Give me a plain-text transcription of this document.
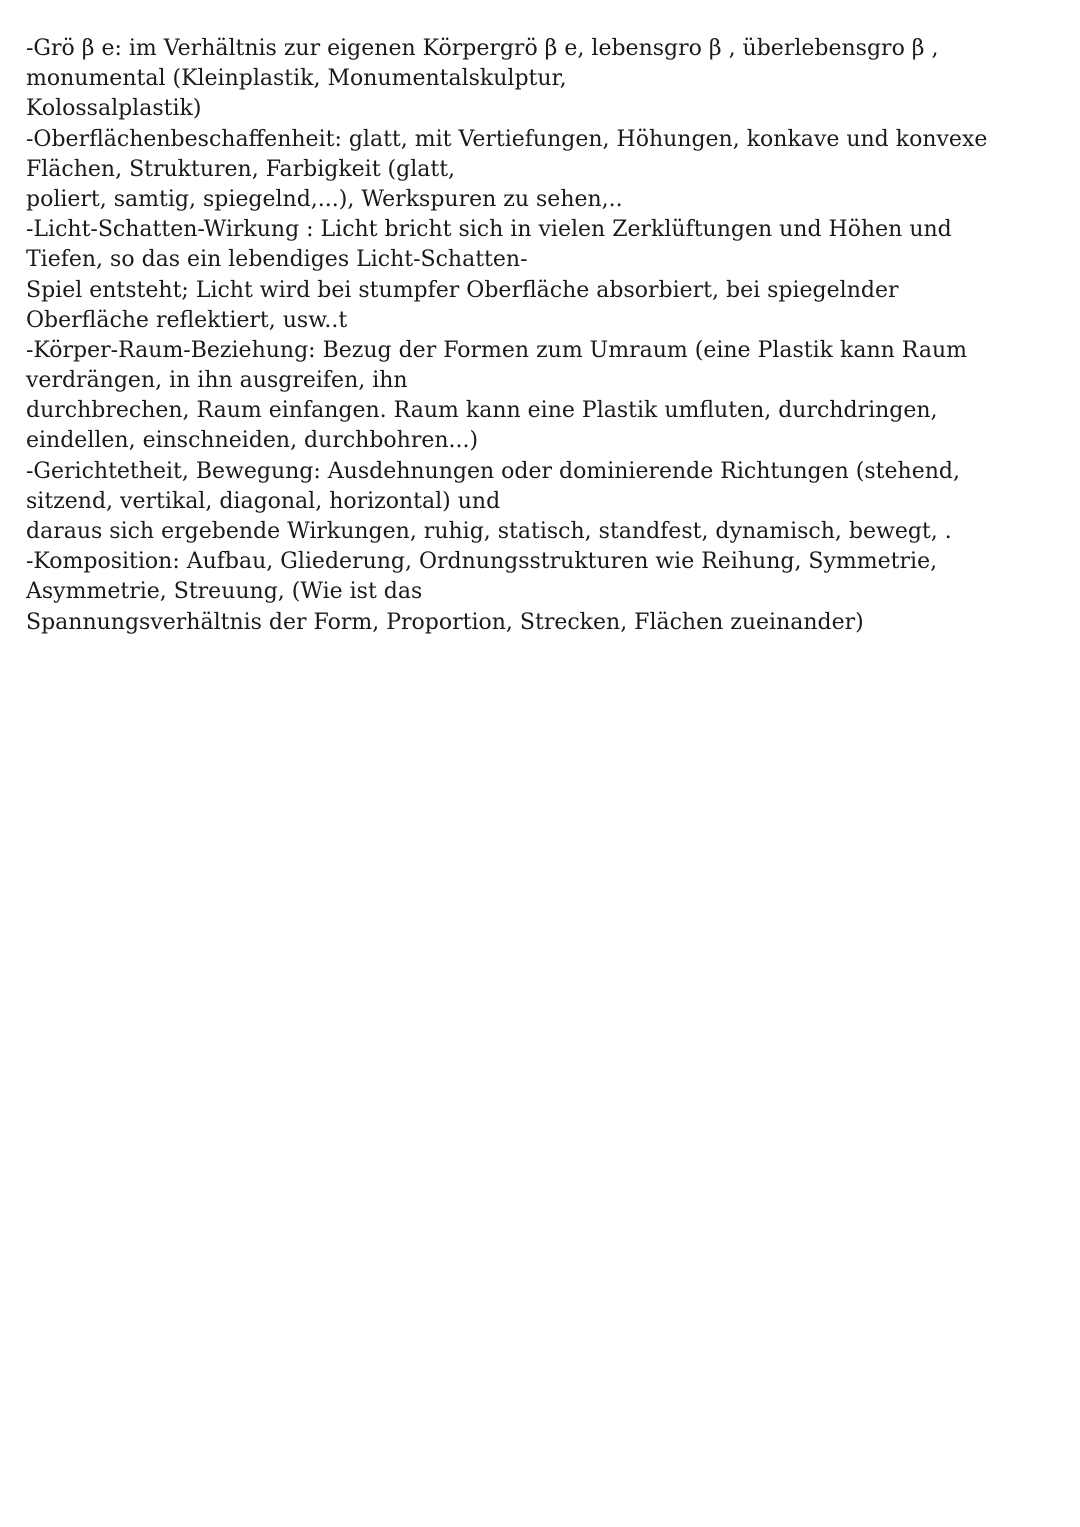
-Grö β e: im Verhältnis zur eigenen Körpergrö β e, lebensgro β , überlebensgro β ,
monumental (Kleinplastik, Monumentalskulptur,
Kolossalplastik)
-Oberflächenbeschaffenheit: glatt, mit Vertiefungen, Höhungen, konkave und konvexe
Flächen, Strukturen, Farbigkeit (glatt,
poliert, samtig, spiegelnd,...), Werkspuren zu sehen,..
-Licht-Schatten-Wirkung : Licht bricht sich in vielen Zerklüftungen und Höhen und
Tiefen, so das ein lebendiges Licht-Schatten-
Spiel entsteht; Licht wird bei stumpfer Oberfläche absorbiert, bei spiegelnder
Oberfläche reflektiert, usw..t
-Körper-Raum-Beziehung: Bezug der Formen zum Umraum (eine Plastik kann Raum
verdrängen, in ihn ausgreifen, ihn
durchbrechen, Raum einfangen. Raum kann eine Plastik umfluten, durchdringen,
eindellen, einschneiden, durchbohren...)
-Gerichtetheit, Bewegung: Ausdehnungen oder dominierende Richtungen (stehend,
sitzend, vertikal, diagonal, horizontal) und
daraus sich ergebende Wirkungen, ruhig, statisch, standfest, dynamisch, bewegt, .
-Komposition: Aufbau, Gliederung, Ordnungsstrukturen wie Reihung, Symmetrie,
Asymmetrie, Streuung, (Wie ist das
Spannungsverhältnis der Form, Proportion, Strecken, Flächen zueinander)
